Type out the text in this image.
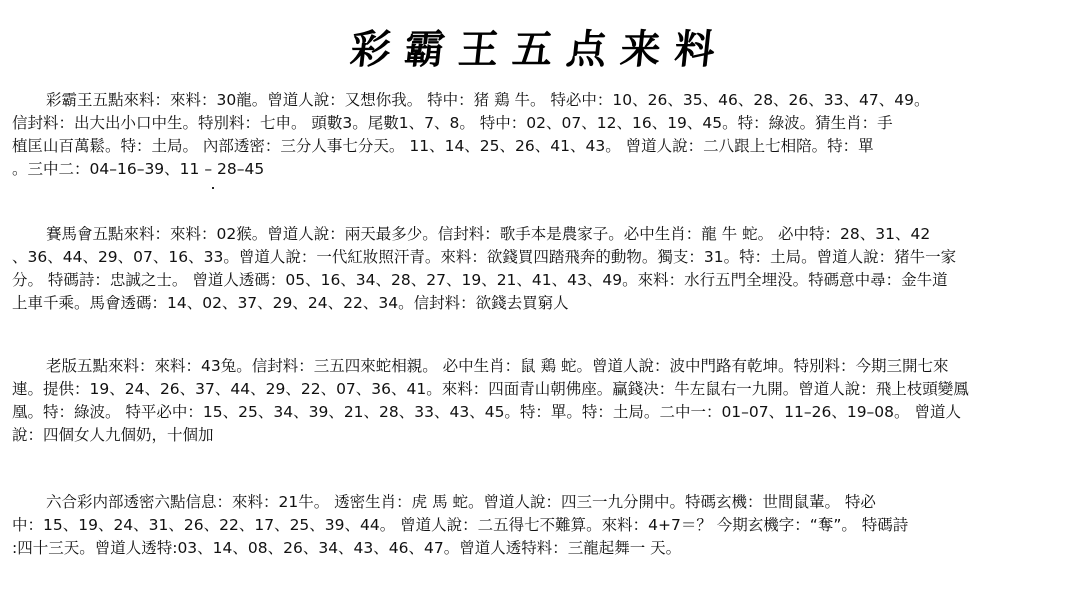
彩霸王五点来料
彩霸王五點來料：來料：30龍。曾道人說：又想你我。 特中：猪 鶏 牛。 特必中：10、26、35、46、28、26、33、47、49。
信封料：出大出小口中生。特別料：七申。 頭數3。尾數1、7、8。 特中：02、07、12、16、19、45。特：綠波。猜生肖：手
植匡山百萬鬆。特：土局。 內部透密：三分人事七分天。 11、14、25、26、41、43。 曾道人說：二八跟上七相陪。特：單
。三中二：04–16–39、11 – 28–45
賽馬會五點來料：來料：02猴。曾道人說：兩天最多少。信封料：歌手本是農家子。必中生肖：龍 牛 蛇。 必中特：28、31、42
、36、44、29、07、16、33。曾道人說：一代紅妝照汗青。來料：欲錢買四踏飛奔的動物。獨支：31。特：土局。曾道人說：猪牛一家
分。 特碼詩：忠誠之士。 曾道人透碼：05、16、34、28、27、19、21、41、43、49。來料：水行五門全埋没。特碼意中尋：金牛道
上車千乘。馬會透碼：14、02、37、29、24、22、34。信封料：欲錢去買窮人
老版五點來料：來料：43兔。信封料：三五四來蛇相親。 必中生肖：鼠 鶏 蛇。曾道人說：波中門路有乾坤。特別料：今期三開七來
連。提供：19、24、26、37、44、29、22、07、36、41。來料：四面青山朝佛座。贏錢决：牛左鼠右一九開。曾道人說：飛上枝頭變鳳
凰。特：綠波。 特平必中：15、25、34、39、21、28、33、43、45。特：單。特：土局。二中一：01–07、11–26、19–08。 曾道人
說：四個女人九個奶，十個加
六合彩内部透密六點信息：來料：21牛。 透密生肖：虎 馬 蛇。曾道人說：四三一九分開中。特碼玄機：世間鼠輩。 特必
中：15、19、24、31、26、22、17、25、39、44。 曾道人說：二五得七不難算。來料：4+7＝？ 今期玄機字：“奪”。 特碼詩
:四十三天。曾道人透特:03、14、08、26、34、43、46、47。曾道人透特料：三龍起舞一 天。
